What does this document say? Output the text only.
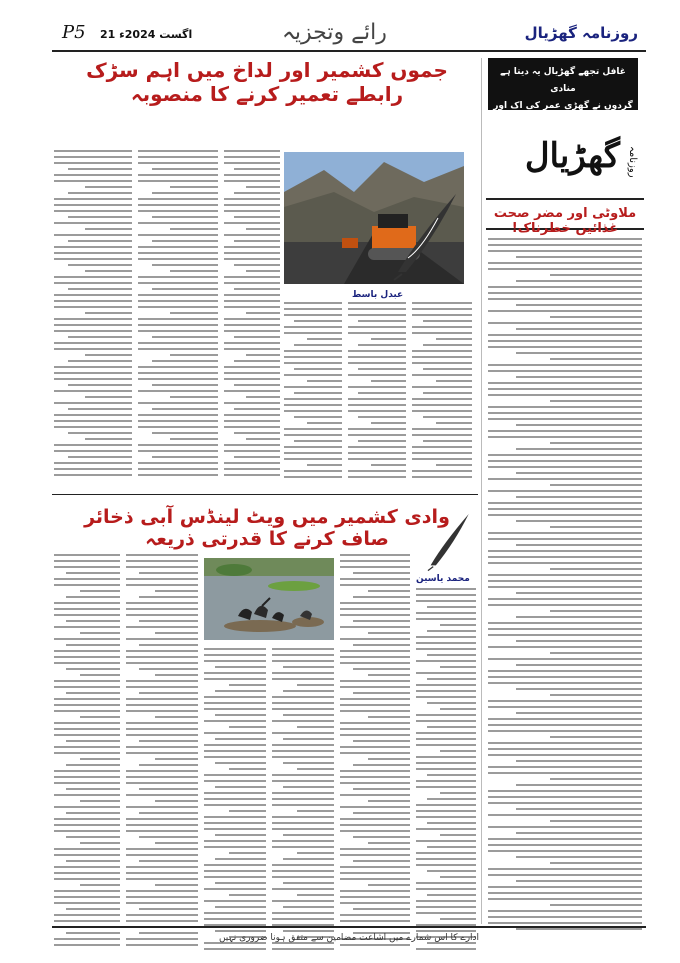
P5 21 اگست 2024ء	رائے وتجزیہ	روزنامہ گھڑیال
جموں کشمیر اور لداخ میں اہم سڑک رابطے تعمیر کرنے کا منصوبہ
عبدل باسط
وادی کشمیر میں ویٹ لینڈس آبی ذخائر صاف کرنے کا قدرتی ذریعہ
محمد یاسین
غافل تجھے گھڑیال یہ دیتا ہے منادی
گردوں نے گھڑی عمر کی اک اور گھٹادی
گھڑیال روزنامہ
ملاوٹی اور مضر صحت غذائیں خطرناک!
ادارے کا اس شمارے میں اشاعت مضامین سے متفق ہونا ضروری نہیں
